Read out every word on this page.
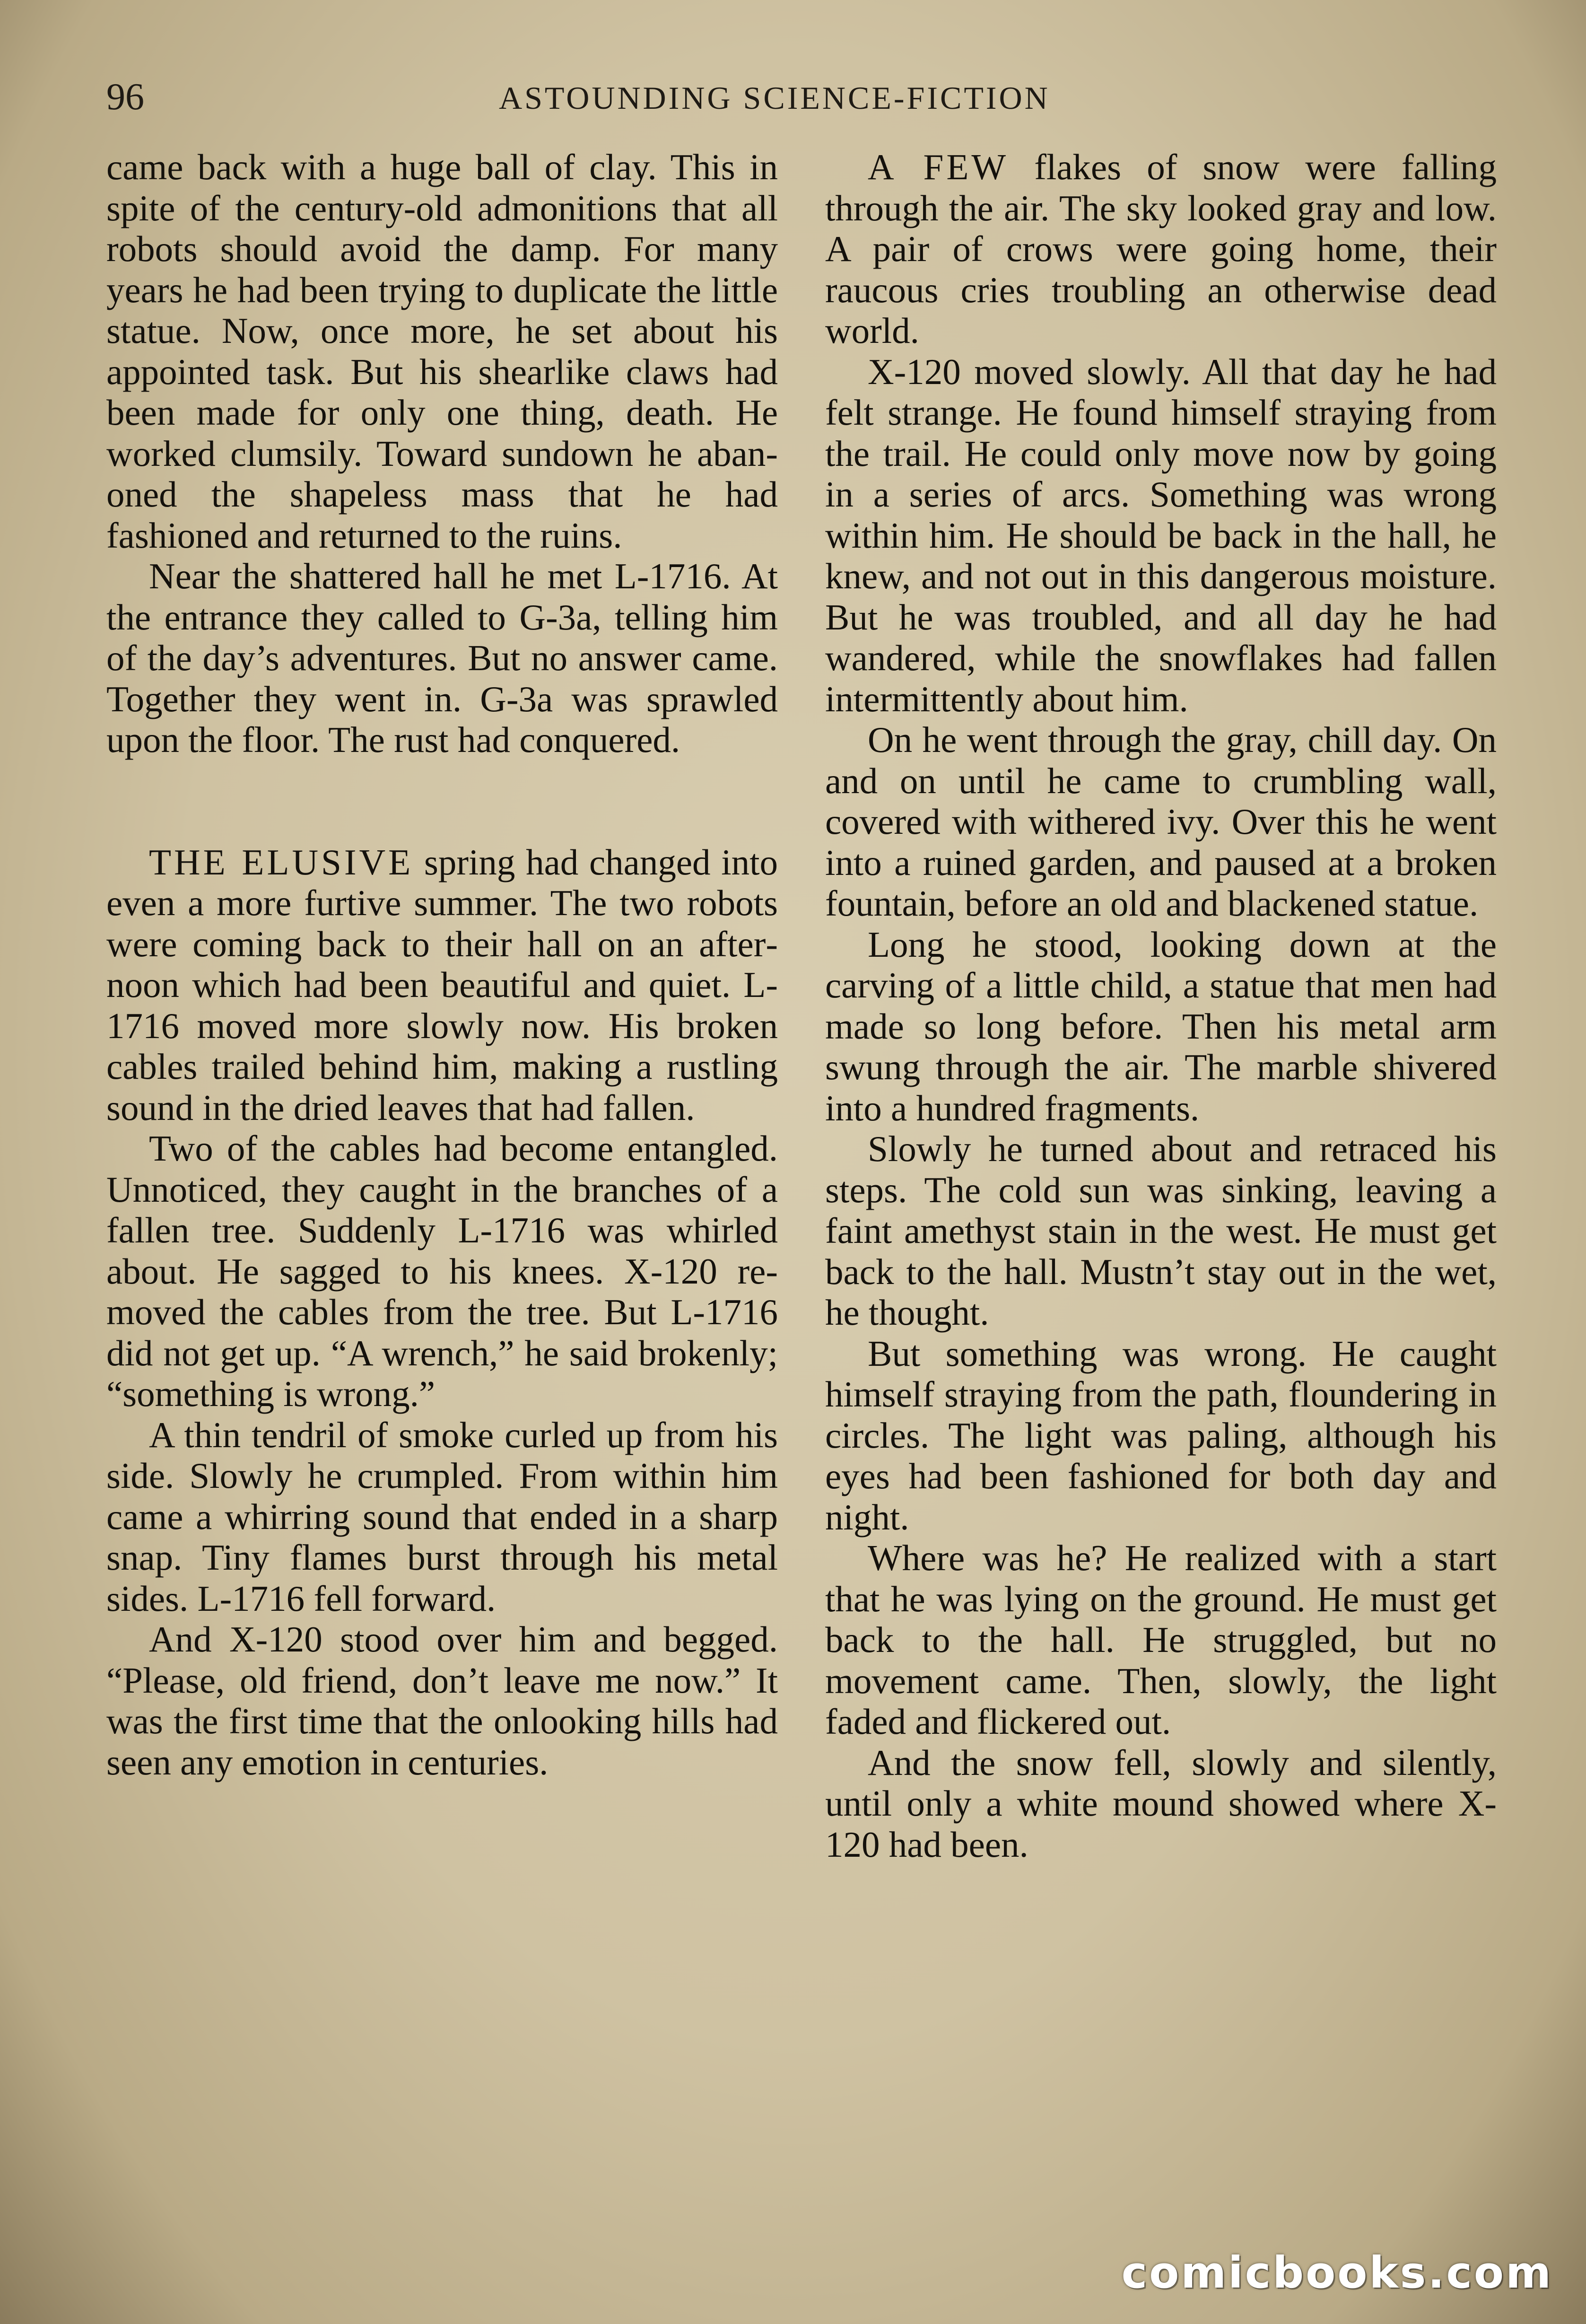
96	ASTOUNDING SCIENCE-FICTION

came back with a huge ball of clay. This in spite of the century-old admonitions that all robots should avoid the damp. For many years he had been trying to duplicate the little statue. Now, once more, he set about his appointed task. But his shearlike claws had been made for only one thing, death. He worked clumsily. Toward sundown he abanoned the shapeless mass that he had fashioned and returned to the ruins.

Near the shattered hall he met L-1716. At the entrance they called to G-3a, telling him of the day’s adventures. But no answer came. Together they went in. G-3a was sprawled upon the floor. The rust had conquered.

THE ELUSIVE spring had changed into even a more furtive summer. The two robots were coming back to their hall on an afternoon which had been beautiful and quiet. L-1716 moved more slowly now. His broken cables trailed behind him, making a rustling sound in the dried leaves that had fallen.

Two of the cables had become entangled. Unnoticed, they caught in the branches of a fallen tree. Suddenly L-1716 was whirled about. He sagged to his knees. X-120 removed the cables from the tree. But L-1716 did not get up. “A wrench,” he said brokenly; “something is wrong.”

A thin tendril of smoke curled up from his side. Slowly he crumpled. From within him came a whirring sound that ended in a sharp snap. Tiny flames burst through his metal sides. L-1716 fell forward.

And X-120 stood over him and begged. “Please, old friend, don’t leave me now.” It was the first time that the onlooking hills had seen any emotion in centuries.

A FEW flakes of snow were falling through the air. The sky looked gray and low. A pair of crows were going home, their raucous cries troubling an otherwise dead world.

X-120 moved slowly. All that day he had felt strange. He found himself straying from the trail. He could only move now by going in a series of arcs. Something was wrong within him. He should be back in the hall, he knew, and not out in this dangerous moisture. But he was troubled, and all day he had wandered, while the snowflakes had fallen intermittently about him.

On he went through the gray, chill day. On and on until he came to crumbling wall, covered with withered ivy. Over this he went into a ruined garden, and paused at a broken fountain, before an old and blackened statue.

Long he stood, looking down at the carving of a little child, a statue that men had made so long before. Then his metal arm swung through the air. The marble shivered into a hundred fragments.

Slowly he turned about and retraced his steps. The cold sun was sinking, leaving a faint amethyst stain in the west. He must get back to the hall. Mustn’t stay out in the wet, he thought.

But something was wrong. He caught himself straying from the path, floundering in circles. The light was paling, although his eyes had been fashioned for both day and night.

Where was he? He realized with a start that he was lying on the ground. He must get back to the hall. He struggled, but no movement came. Then, slowly, the light faded and flickered out.

And the snow fell, slowly and silently, until only a white mound showed where X-120 had been.

comicbooks.com
